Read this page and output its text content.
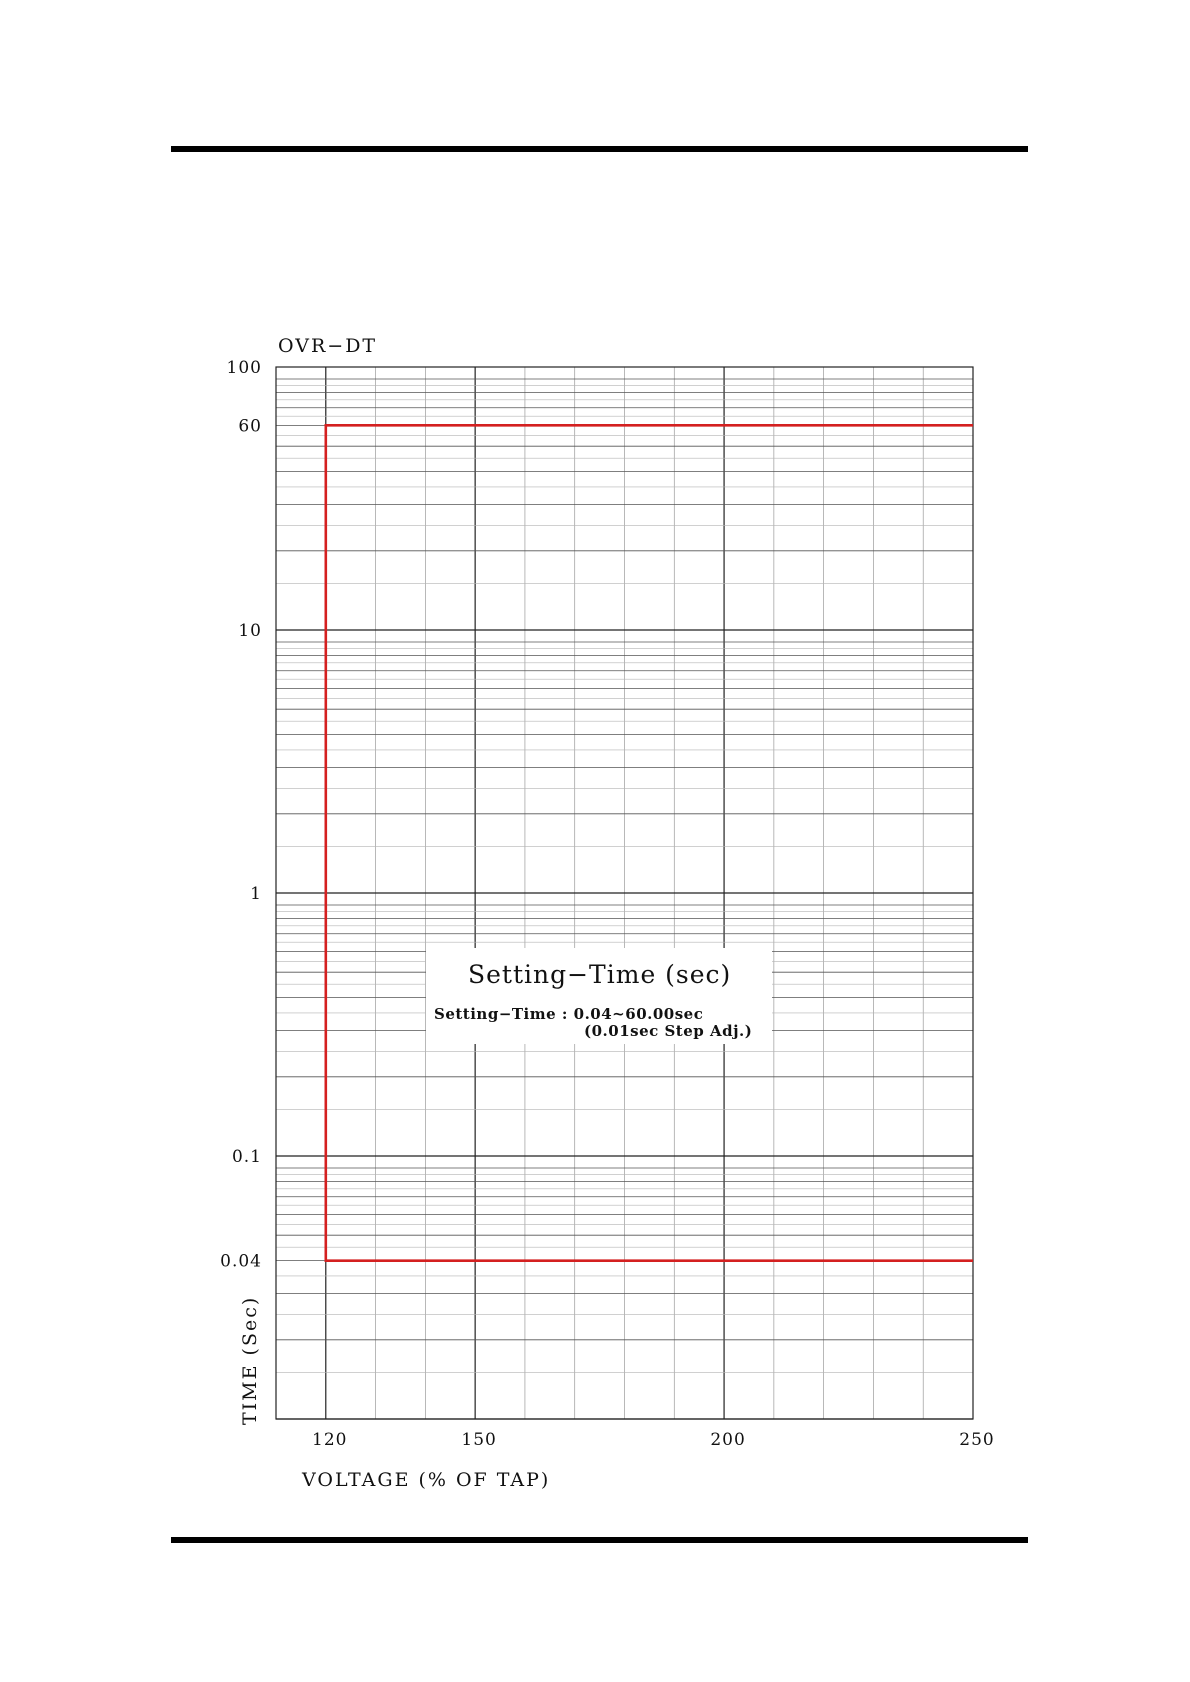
120	150	200	250
100
60
10
1
0.1
0.04
OVR−DT
VOLTAGE (% OF TAP)
TIME (Sec)
Setting−Time (sec)
Setting−Time : 0.04~60.00sec
(0.01sec Step Adj.)
